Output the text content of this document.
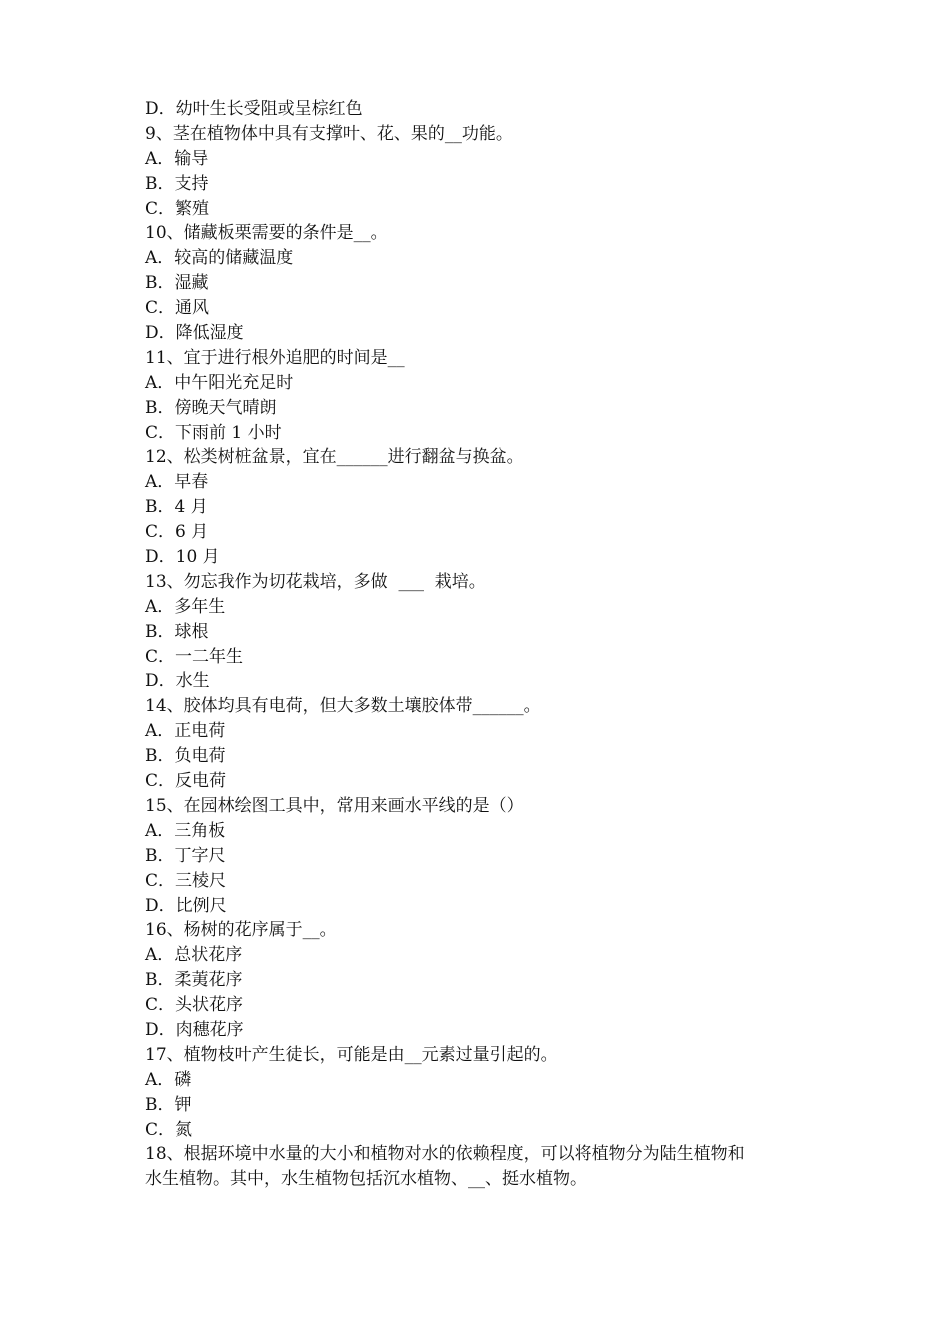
D．幼叶生长受阻或呈棕红色
9、茎在植物体中具有支撑叶、花、果的__功能。
A．输导
B．支持
C．繁殖
10、储藏板栗需要的条件是__。
A．较高的储藏温度
B．湿藏
C．通风
D．降低湿度
11、宜于进行根外追肥的时间是__
A．中午阳光充足时
B．傍晚天气晴朗
C．下雨前 1 小时
12、松类树桩盆景，宜在______进行翻盆与换盆。
A．早春
B．4 月
C．6 月
D．10 月
13、勿忘我作为切花栽培，多做  ___  栽培。
A．多年生
B．球根
C．一二年生
D．水生
14、胶体均具有电荷，但大多数土壤胶体带______。
A．正电荷
B．负电荷
C．反电荷
15、在园林绘图工具中，常用来画水平线的是（）
A．三角板
B．丁字尺
C．三棱尺
D．比例尺
16、杨树的花序属于__。
A．总状花序
B．柔荑花序
C．头状花序
D．肉穗花序
17、植物枝叶产生徒长，可能是由__元素过量引起的。
A．磷
B．钾
C．氮
18、根据环境中水量的大小和植物对水的依赖程度，可以将植物分为陆生植物和
水生植物。其中，水生植物包括沉水植物、__、挺水植物。
